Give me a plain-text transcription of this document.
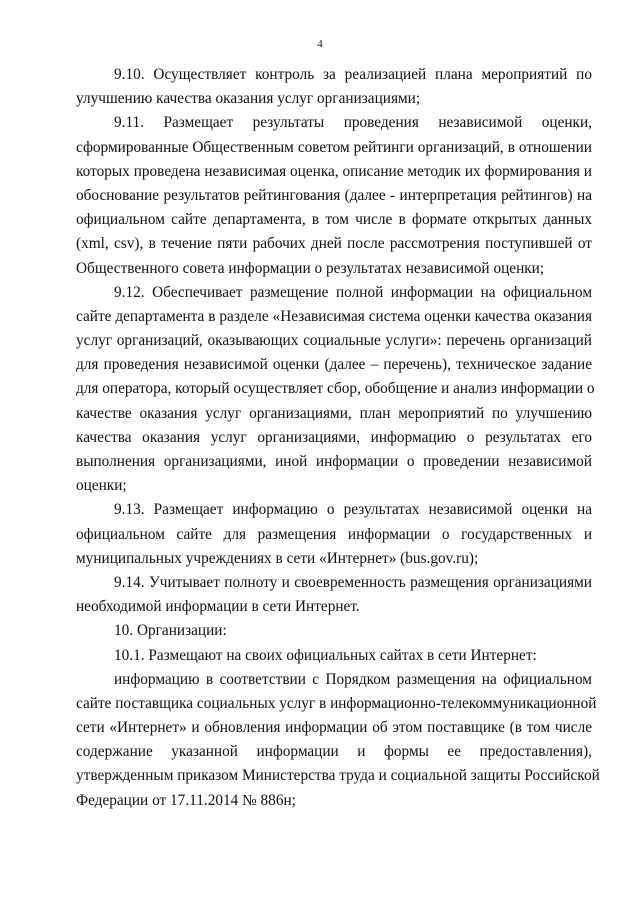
4
9.10. Осуществляет контроль за реализацией плана мероприятий по
улучшению качества оказания услуг организациями;
9.11. Размещает результаты проведения независимой оценки,
сформированные Общественным советом рейтинги организаций, в отношении
которых проведена независимая оценка, описание методик их формирования и
обоснование результатов рейтингования (далее - интерпретация рейтингов) на
официальном сайте департамента, в том числе в формате открытых данных
(xml, csv), в течение пяти рабочих дней после рассмотрения поступившей от
Общественного совета информации о результатах независимой оценки;
9.12. Обеспечивает размещение полной информации на официальном
сайте департамента в разделе «Независимая система оценки качества оказания
услуг организаций, оказывающих социальные услуги»: перечень организаций
для проведения независимой оценки (далее – перечень), техническое задание
для оператора, который осуществляет сбор, обобщение и анализ информации о
качестве оказания услуг организациями, план мероприятий по улучшению
качества оказания услуг организациями, информацию о результатах его
выполнения организациями, иной информации о проведении независимой
оценки;
9.13. Размещает информацию о результатах независимой оценки на
официальном сайте для размещения информации о государственных и
муниципальных учреждениях в сети «Интернет» (bus.gov.ru);
9.14. Учитывает полноту и своевременность размещения организациями
необходимой информации в сети Интернет.
10. Организации:
10.1. Размещают на своих официальных сайтах в сети Интернет:
информацию в соответствии с Порядком размещения на официальном
сайте поставщика социальных услуг в информационно-телекоммуникационной
сети «Интернет» и обновления информации об этом поставщике (в том числе
содержание указанной информации и формы ее предоставления),
утвержденным приказом Министерства труда и социальной защиты Российской
Федерации от 17.11.2014 № 886н;
